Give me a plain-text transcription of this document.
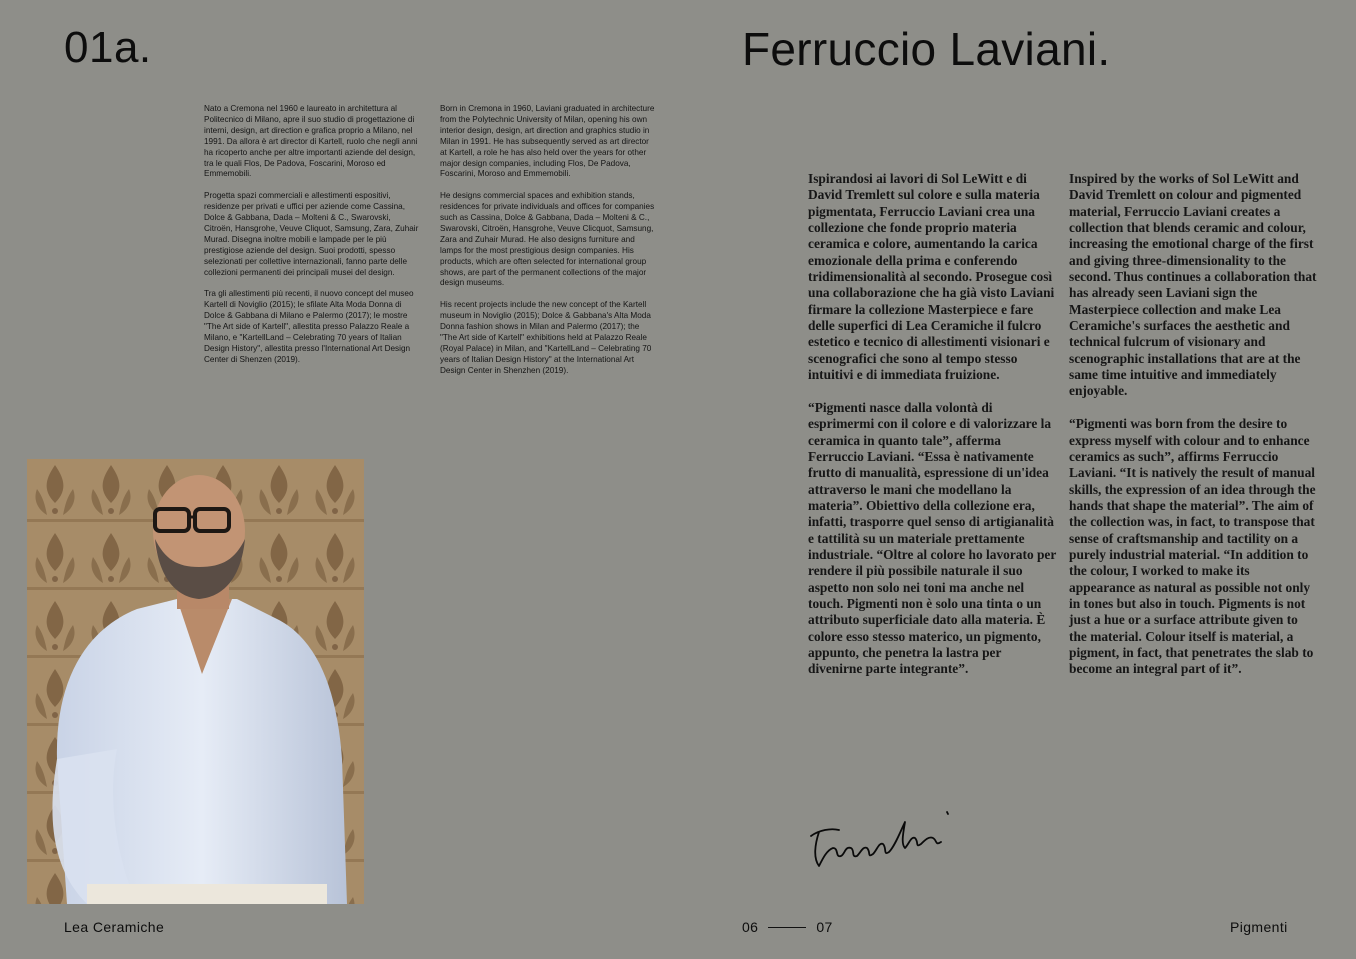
01a.	Ferruccio Laviani.

Nato a Cremona nel 1960 e laureato in architettura al Politecnico di Milano, apre il suo studio di progettazione di interni, design, art direction e grafica proprio a Milano, nel 1991. Da allora è art director di Kartell, ruolo che negli anni ha ricoperto anche per altre importanti aziende del design, tra le quali Flos, De Padova, Foscarini, Moroso ed Emmemobili.

Progetta spazi commerciali e allestimenti espositivi, residenze per privati e uffici per aziende come Cassina, Dolce & Gabbana, Dada – Molteni & C., Swarovski, Citroën, Hansgrohe, Veuve Cliquot, Samsung, Zara, Zuhair Murad. Disegna inoltre mobili e lampade per le più prestigiose aziende del design. Suoi prodotti, spesso selezionati per collettive internazionali, fanno parte delle collezioni permanenti dei principali musei del design.

Tra gli allestimenti più recenti, il nuovo concept del museo Kartell di Noviglio (2015); le sfilate Alta Moda Donna di Dolce & Gabbana di Milano e Palermo (2017); le mostre "The Art side of Kartell", allestita presso Palazzo Reale a Milano, e "KartellLand – Celebrating 70 years of Italian Design History", allestita presso l'International Art Design Center di Shenzen (2019).

Born in Cremona in 1960, Laviani graduated in architecture from the Polytechnic University of Milan, opening his own interior design, design, art direction and graphics studio in Milan in 1991. He has subsequently served as art director at Kartell, a role he has also held over the years for other major design companies, including Flos, De Padova, Foscarini, Moroso and Emmemobili.

He designs commercial spaces and exhibition stands, residences for private individuals and offices for companies such as Cassina, Dolce & Gabbana, Dada – Molteni & C., Swarovski, Citroën, Hansgrohe, Veuve Clicquot, Samsung, Zara and Zuhair Murad. He also designs furniture and lamps for the most prestigious design companies. His products, which are often selected for international group shows, are part of the permanent collections of the major design museums.

His recent projects include the new concept of the Kartell museum in Noviglio (2015); Dolce & Gabbana's Alta Moda Donna fashion shows in Milan and Palermo (2017); the "The Art side of Kartell" exhibitions held at Palazzo Reale (Royal Palace) in Milan, and "KartellLand – Celebrating 70 years of Italian Design History" at the International Art Design Center in Shenzhen (2019).

Ispirandosi ai lavori di Sol LeWitt e di David Tremlett sul colore e sulla materia pigmentata, Ferruccio Laviani crea una collezione che fonde proprio materia ceramica e colore, aumentando la carica emozionale della prima e conferendo tridimensionalità al secondo. Prosegue così una collaborazione che ha già visto Laviani firmare la collezione Masterpiece e fare delle superfici di Lea Ceramiche il fulcro estetico e tecnico di allestimenti visionari e scenografici che sono al tempo stesso intuitivi e di immediata fruizione.

“Pigmenti nasce dalla volontà di esprimermi con il colore e di valorizzare la ceramica in quanto tale”, afferma Ferruccio Laviani. “Essa è nativamente frutto di manualità, espressione di un'idea attraverso le mani che modellano la materia”. Obiettivo della collezione era, infatti, trasporre quel senso di artigianalità e tattilità su un materiale prettamente industriale. “Oltre al colore ho lavorato per rendere il più possibile naturale il suo aspetto non solo nei toni ma anche nel touch. Pigmenti non è solo una tinta o un attributo superficiale dato alla materia. È colore esso stesso materico, un pigmento, appunto, che penetra la lastra per divenirne parte integrante”.

Inspired by the works of Sol LeWitt and David Tremlett on colour and pigmented material, Ferruccio Laviani creates a collection that blends ceramic and colour, increasing the emotional charge of the first and giving three-dimensionality to the second. Thus continues a collaboration that has already seen Laviani sign the Masterpiece collection and make Lea Ceramiche's surfaces the aesthetic and technical fulcrum of visionary and scenographic installations that are at the same time intuitive and immediately enjoyable.

“Pigmenti was born from the desire to express myself with colour and to enhance ceramics as such”, affirms Ferruccio Laviani. “It is natively the result of manual skills, the expression of an idea through the hands that shape the material”. The aim of the collection was, in fact, to transpose that sense of craftsmanship and tactility on a purely industrial material. “In addition to the colour, I worked to make its appearance as natural as possible not only in tones but also in touch. Pigments is not just a hue or a surface attribute given to the material. Colour itself is material, a pigment, in fact, that penetrates the slab to become an integral part of it”.

Lea Ceramiche	06	07	Pigmenti
